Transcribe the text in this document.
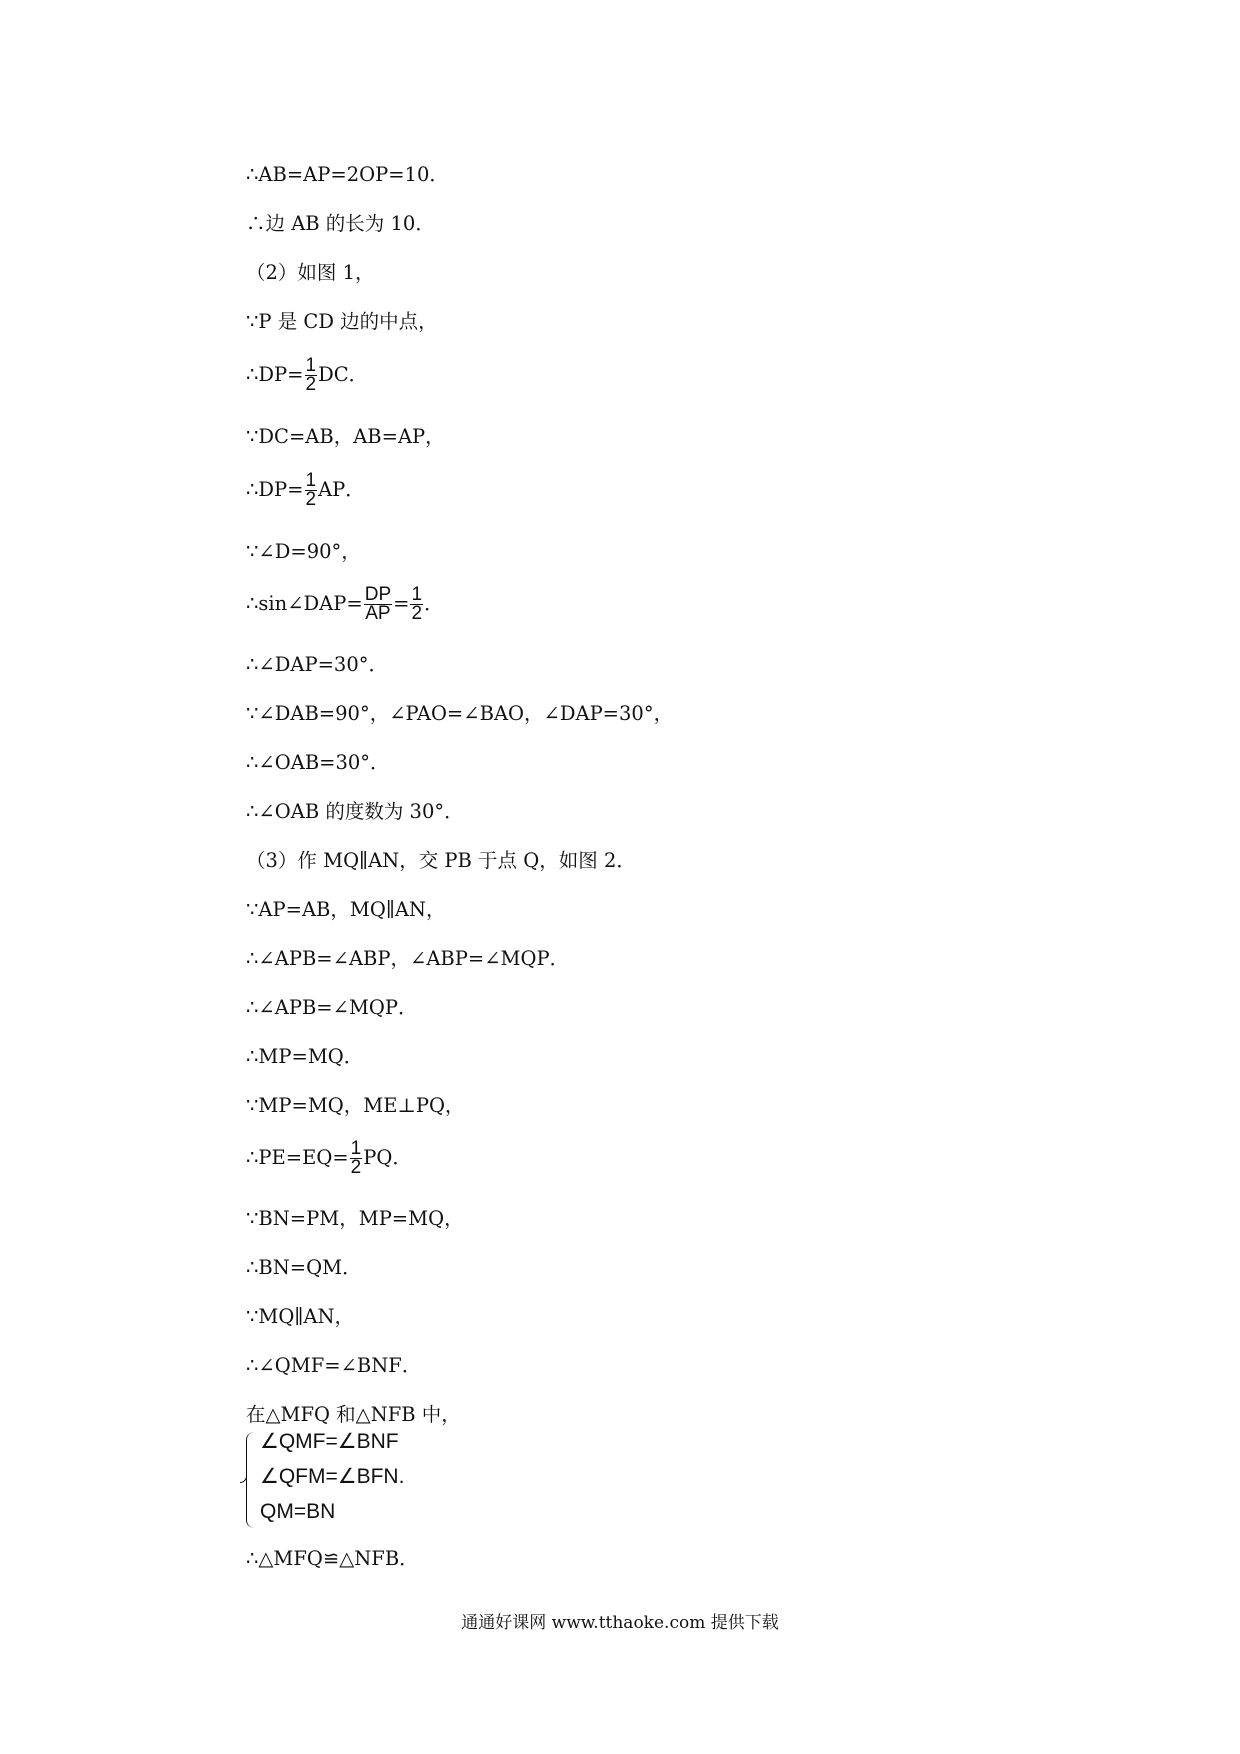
∴AB=AP=2OP=10．
∴边 AB 的长为 10．
（2）如图 1，
∵P 是 CD 边的中点，
∴DP= $\frac{1}{2}$ DC．
∵DC=AB，AB=AP，
∴DP= $\frac{1}{2}$ AP．
∵∠D=90°，
∴sin∠DAP= $\frac{DP}{AP} = \frac{1}{2}$ ．
∴∠DAP=30°．
∵∠DAB=90°，∠PAO=∠BAO，∠DAP=30°，
∴∠OAB=30°．
∴∠OAB 的度数为 30°．
（3）作 MQ∥AN，交 PB 于点 Q，如图 2．
∵AP=AB，MQ∥AN，
∴∠APB=∠ABP，∠ABP=∠MQP．
∴∠APB=∠MQP．
∴MP=MQ．
∵MP=MQ，ME⊥PQ，
∴PE=EQ= $\frac{1}{2}$ PQ．
∵BN=PM，MP=MQ，
∴BN=QM．
∵MQ∥AN，
∴∠QMF=∠BNF．
在△MFQ 和△NFB 中，
∠QMF=∠BNF
∠QFM=∠BFN.
QM=BN
∴△MFQ≌△NFB．
通通好课网 www.tthaoke.com 提供下载
